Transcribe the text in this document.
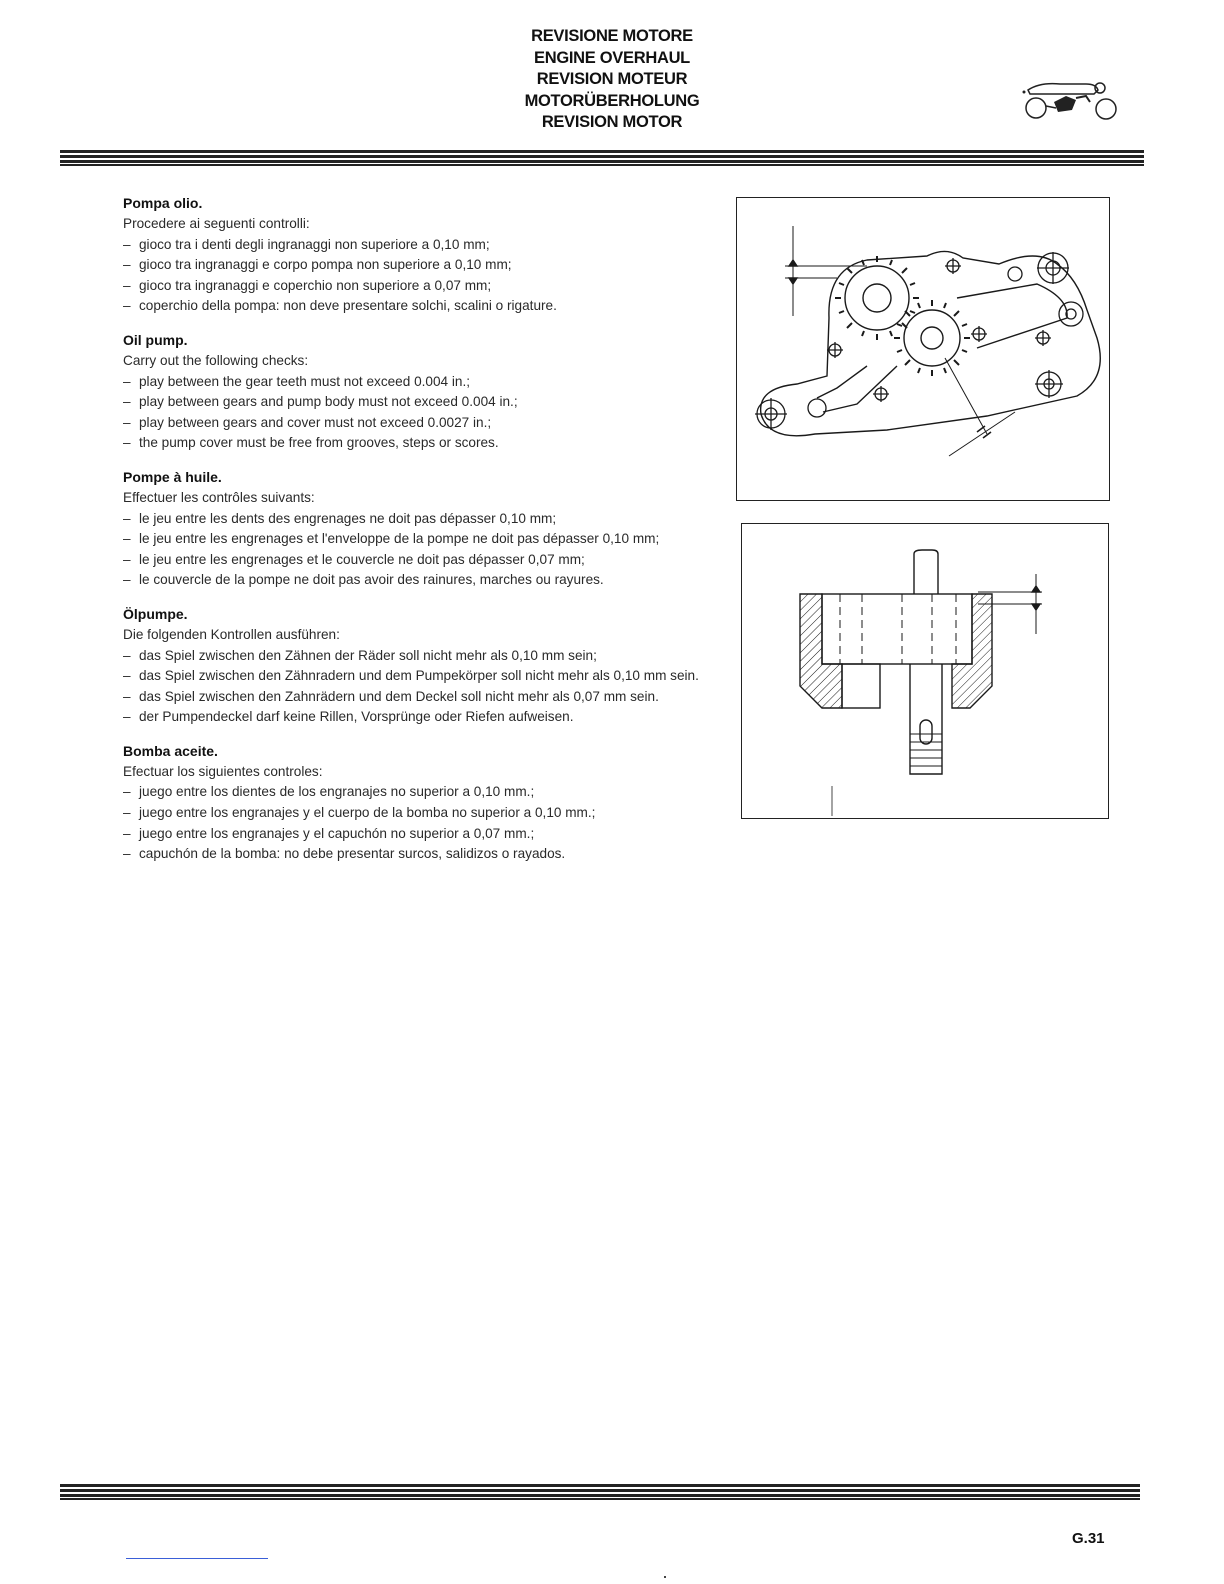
REVISIONE MOTORE
ENGINE OVERHAUL
REVISION MOTEUR
MOTORÜBERHOLUNG
REVISION MOTOR
Pompa olio.

Procedere ai seguenti controlli:

– gioco tra i denti degli ingranaggi non superiore a 0,10 mm;
– gioco tra ingranaggi e corpo pompa non superiore a 0,10 mm;
– gioco tra ingranaggi e coperchio non superiore a 0,07 mm;
– coperchio della pompa: non deve presentare solchi, scalini o rigature.
Oil pump.

Carry out the following checks:

– play between the gear teeth must not exceed 0.004 in.;
– play between gears and pump body must not exceed 0.004 in.;
– play between gears and cover must not exceed 0.0027 in.;
– the pump cover must be free from grooves, steps or scores.
Pompe à huile.

Effectuer les contrôles suivants:

– le jeu entre les dents des engrenages ne doit pas dépasser 0,10 mm;
– le jeu entre les engrenages et l'enveloppe de la pompe ne doit pas dépasser 0,10 mm;
– le jeu entre les engrenages et le couvercle ne doit pas dépasser 0,07 mm;
– le couvercle de la pompe ne doit pas avoir des rainures, marches ou rayures.
Ölpumpe.

Die folgenden Kontrollen ausführen:

– das Spiel zwischen den Zähnen der Räder soll nicht mehr als 0,10 mm sein;
– das Spiel zwischen den Zähnradern und dem Pumpekörper soll nicht mehr als 0,10 mm sein.
– das Spiel zwischen den Zahnrädern und dem Deckel soll nicht mehr als 0,07 mm sein.
– der Pumpendeckel darf keine Rillen, Vorsprünge oder Riefen aufweisen.
Bomba aceite.

Efectuar los siguientes controles:

– juego entre los dientes de los engranajes no superior a 0,10 mm.;
– juego entre los engranajes y el cuerpo de la bomba no superior a 0,10 mm.;
– juego entre los engranajes y el capuchón no superior a 0,07 mm.;
– capuchón de la bomba: no debe presentar surcos, salidizos o rayados.
G.31
